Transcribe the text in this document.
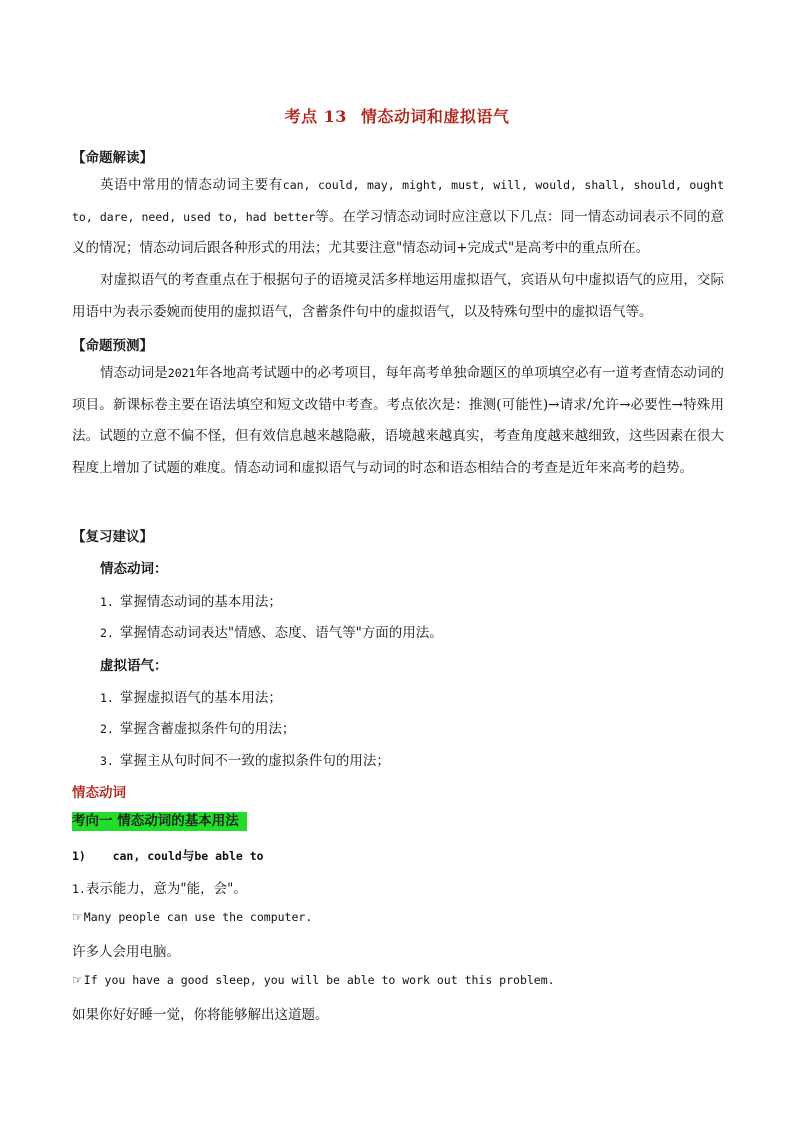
考点 13 情态动词和虚拟语气
【命题解读】
英语中常用的情态动词主要有can, could, may, might, must, will, would, shall, should, ought to, dare, need, used to, had better等。在学习情态动词时应注意以下几点：同一情态动词表示不同的意义的情况；情态动词后跟各种形式的用法；尤其要注意"情态动词+完成式"是高考中的重点所在。
对虚拟语气的考查重点在于根据句子的语境灵活多样地运用虚拟语气，宾语从句中虚拟语气的应用，交际用语中为表示委婉而使用的虚拟语气，含蓄条件句中的虚拟语气，以及特殊句型中的虚拟语气等。
【命题预测】
情态动词是2021年各地高考试题中的必考项目，每年高考单独命题区的单项填空必有一道考查情态动词的项目。新课标卷主要在语法填空和短文改错中考查。考点依次是：推测(可能性)→请求/允许→必要性→特殊用法。试题的立意不偏不怪，但有效信息越来越隐蔽，语境越来越真实，考查角度越来越细致，这些因素在很大程度上增加了试题的难度。情态动词和虚拟语气与动词的时态和语态相结合的考查是近年来高考的趋势。
【复习建议】
情态动词：
1. 掌握情态动词的基本用法；
2. 掌握情态动词表达"情感、态度、语气等"方面的用法。
虚拟语气：
1. 掌握虚拟语气的基本用法；
2. 掌握含蓄虚拟条件句的用法；
3. 掌握主从句时间不一致的虚拟条件句的用法；
情态动词
考向一 情态动词的基本用法
1) can, could与be able to
1.表示能力，意为"能，会"。
☞Many people can use the computer.
许多人会用电脑。
☞If you have a good sleep, you will be able to work out this problem.
如果你好好睡一觉，你将能够解出这道题。
